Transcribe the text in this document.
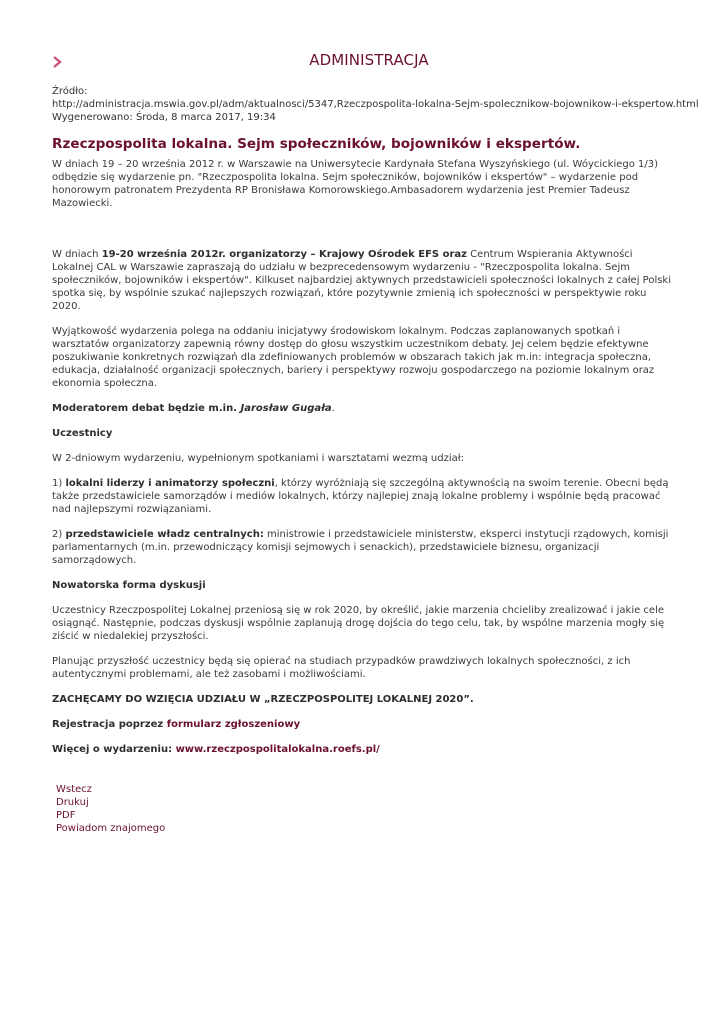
ADMINISTRACJA
Źródło:
http://administracja.mswia.gov.pl/adm/aktualnosci/5347,Rzeczpospolita-lokalna-Sejm-spolecznikow-bojownikow-i-ekspertow.html
Wygenerowano: Środa, 8 marca 2017, 19:34
Rzeczpospolita lokalna. Sejm społeczników, bojowników i ekspertów.

W dniach 19 – 20 września 2012 r. w Warszawie na Uniwersytecie Kardynała Stefana Wyszyńskiego (ul. Wóycickiego 1/3) odbędzie się wydarzenie pn. "Rzeczpospolita lokalna. Sejm społeczników, bojowników i ekspertów" – wydarzenie pod honorowym patronatem Prezydenta RP Bronisława Komorowskiego.Ambasadorem wydarzenia jest Premier Tadeusz Mazowiecki.

W dniach 19-20 września 2012r. organizatorzy – Krajowy Ośrodek EFS oraz Centrum Wspierania Aktywności Lokalnej CAL w Warszawie zapraszają do udziału w bezprecedensowym wydarzeniu - "Rzeczpospolita lokalna. Sejm społeczników, bojowników i ekspertów". Kilkuset najbardziej aktywnych przedstawicieli społeczności lokalnych z całej Polski spotka się, by wspólnie szukać najlepszych rozwiązań, które pozytywnie zmienią ich społeczności w perspektywie roku 2020.

Wyjątkowość wydarzenia polega na oddaniu inicjatywy środowiskom lokalnym. Podczas zaplanowanych spotkań i warsztatów organizatorzy zapewnią równy dostęp do głosu wszystkim uczestnikom debaty. Jej celem będzie efektywne poszukiwanie konkretnych rozwiązań dla zdefiniowanych problemów w obszarach takich jak m.in: integracja społeczna, edukacja, działalność organizacji społecznych, bariery i perspektywy rozwoju gospodarczego na poziomie lokalnym oraz ekonomia społeczna.

Moderatorem debat będzie m.in. Jarosław Gugała.

Uczestnicy

W 2-dniowym wydarzeniu, wypełnionym spotkaniami i warsztatami wezmą udział:

1) lokalni liderzy i animatorzy społeczni, którzy wyróżniają się szczególną aktywnością na swoim terenie. Obecni będą także przedstawiciele samorządów i mediów lokalnych, którzy najlepiej znają lokalne problemy i wspólnie będą pracować nad najlepszymi rozwiązaniami.

2) przedstawiciele władz centralnych: ministrowie i przedstawiciele ministerstw, eksperci instytucji rządowych, komisji parlamentarnych (m.in. przewodniczący komisji sejmowych i senackich), przedstawiciele biznesu, organizacji samorządowych.

Nowatorska forma dyskusji

Uczestnicy Rzeczpospolitej Lokalnej przeniosą się w rok 2020, by określić, jakie marzenia chcieliby zrealizować i jakie cele osiągnąć. Następnie, podczas dyskusji wspólnie zaplanują drogę dojścia do tego celu, tak, by wspólne marzenia mogły się ziścić w niedalekiej przyszłości.

Planując przyszłość uczestnicy będą się opierać na studiach przypadków prawdziwych lokalnych społeczności, z ich autentycznymi problemami, ale też zasobami i możliwościami.

ZACHĘCAMY DO WZIĘCIA UDZIAŁU W „RZECZPOSPOLITEJ LOKALNEJ 2020”.

Rejestracja poprzez formularz zgłoszeniowy

Więcej o wydarzeniu: www.rzeczpospolitalokalna.roefs.pl/

Wstecz
Drukuj
PDF
Powiadom znajomego
